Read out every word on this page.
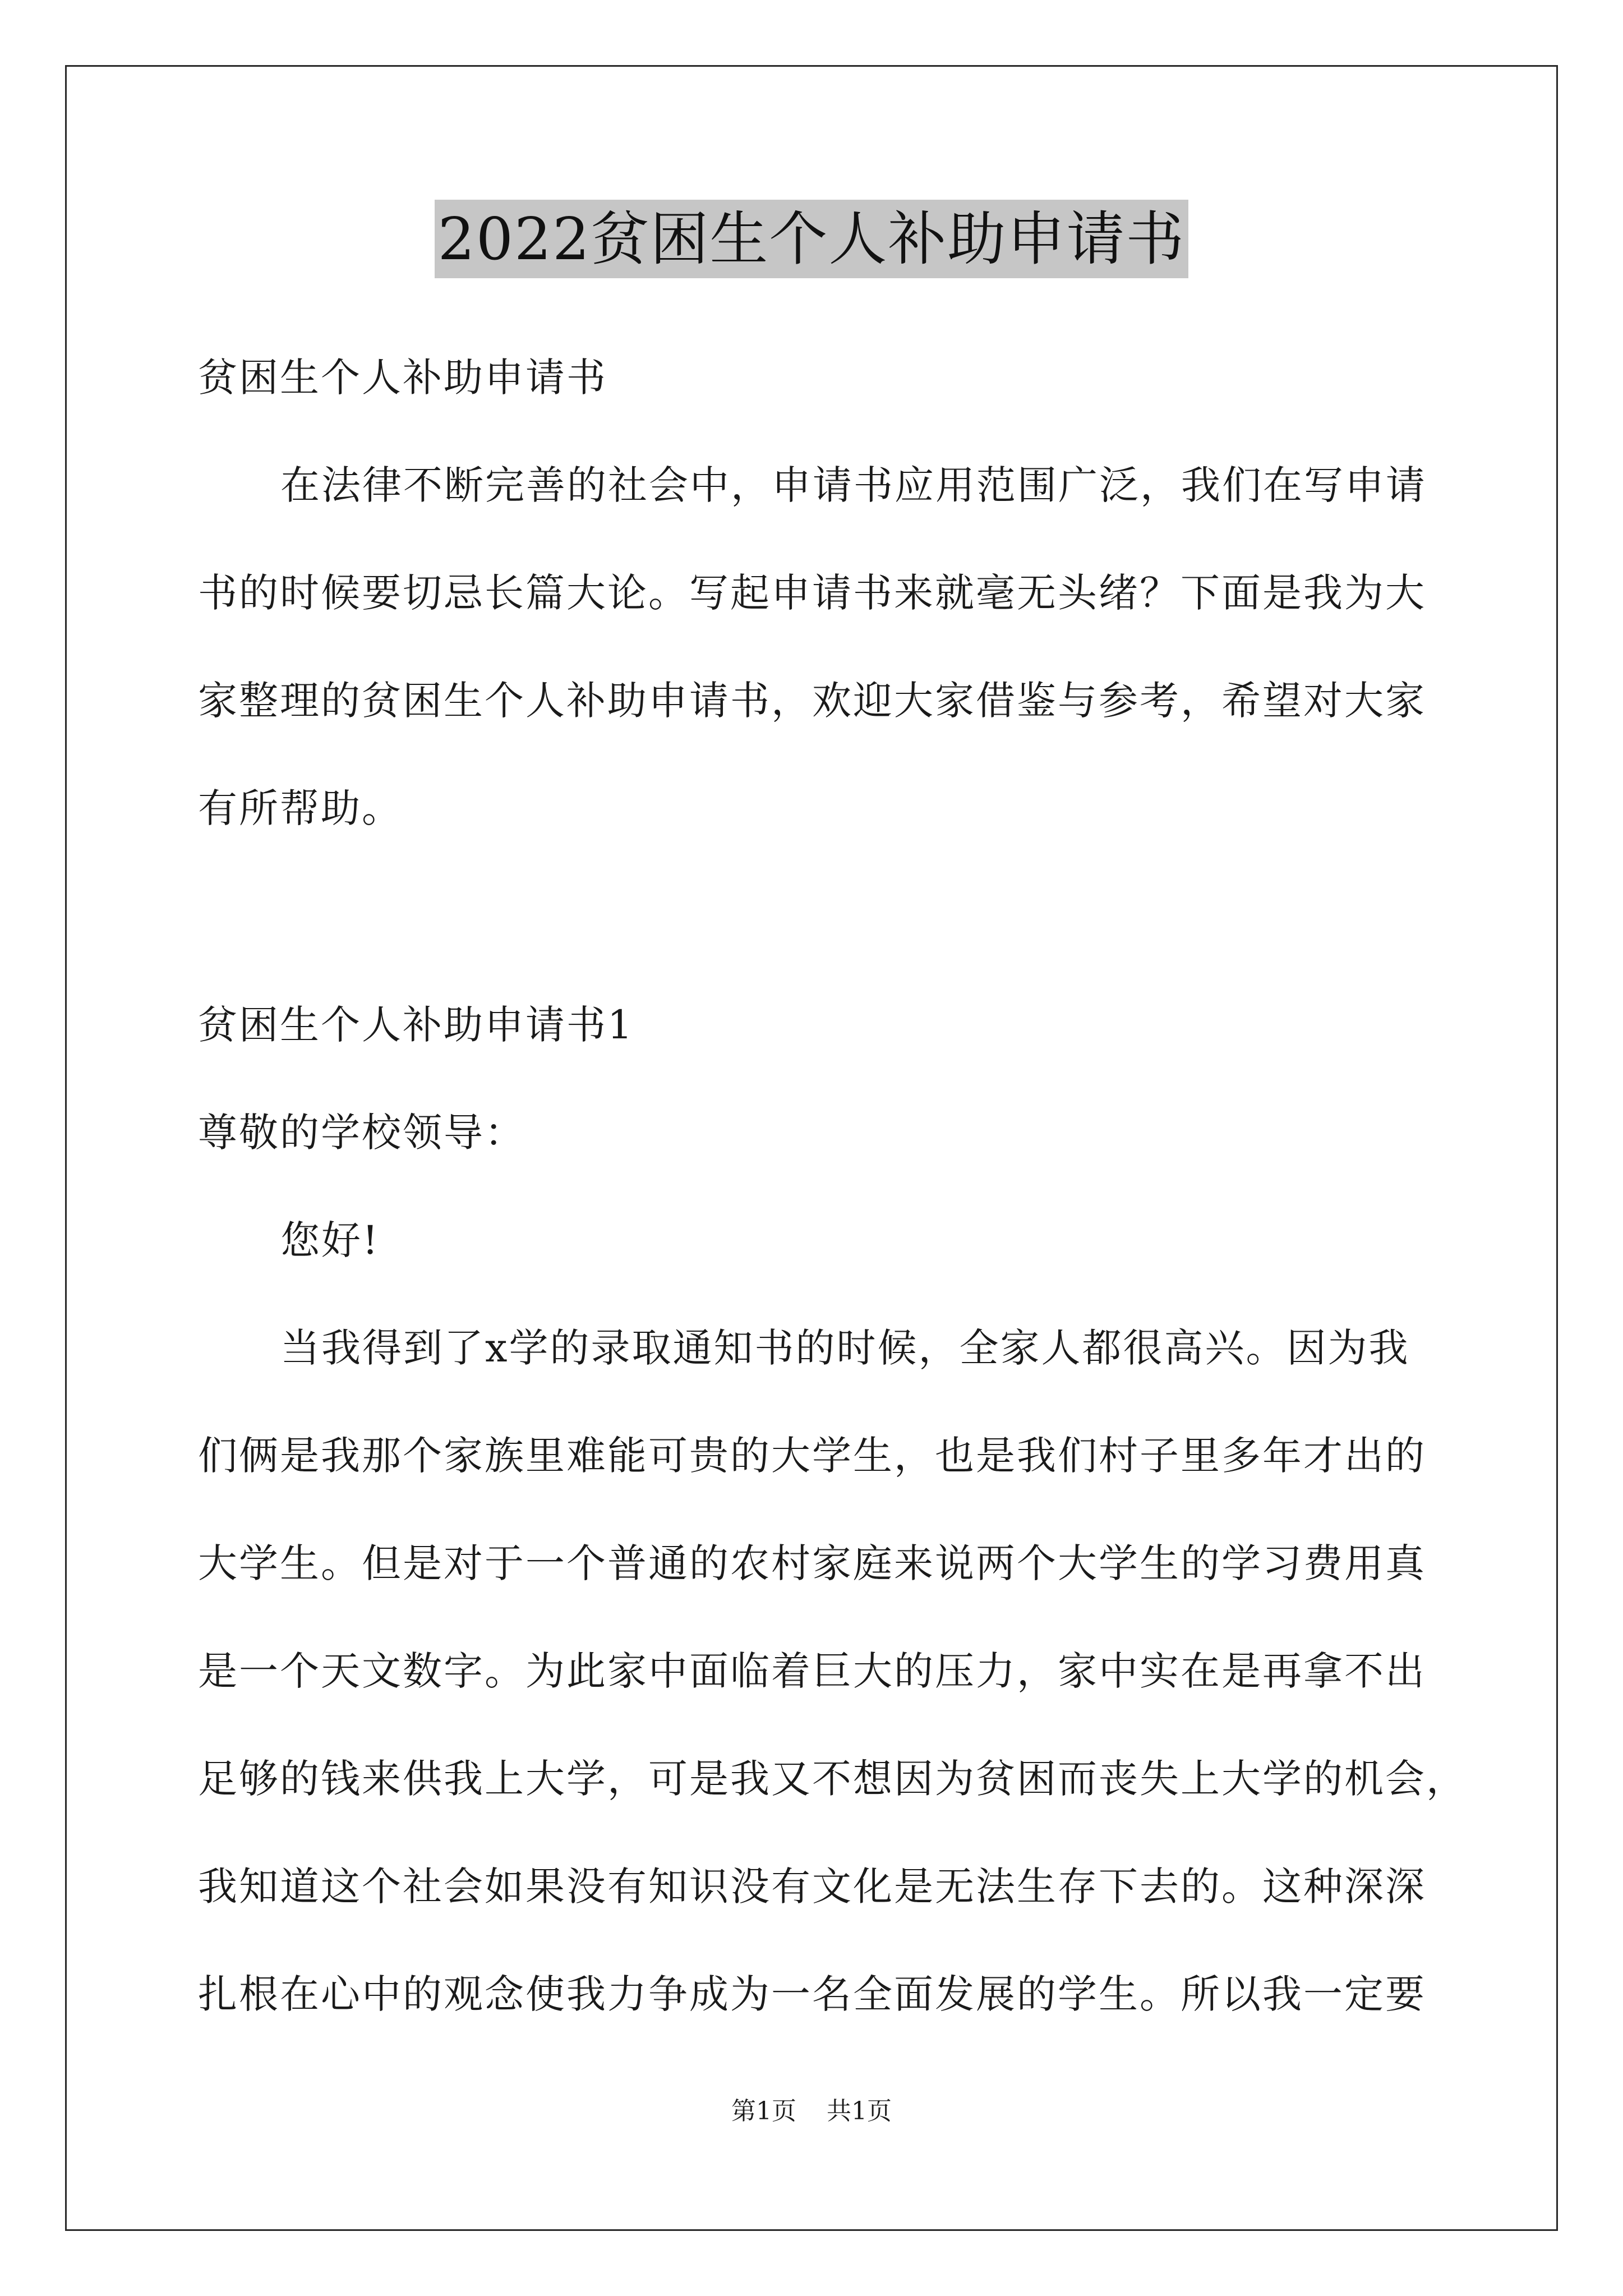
2022贫困生个人补助申请书
贫困生个人补助申请书
在法律不断完善的社会中，申请书应用范围广泛，我们在写申请
书的时候要切忌长篇大论。写起申请书来就毫无头绪？下面是我为大
家整理的贫困生个人补助申请书，欢迎大家借鉴与参考，希望对大家
有所帮助。
贫困生个人补助申请书1
尊敬的学校领导：
您好!
当我得到了x学的录取通知书的时候，全家人都很高兴。因为我
们俩是我那个家族里难能可贵的大学生，也是我们村子里多年才出的
大学生。但是对于一个普通的农村家庭来说两个大学生的学习费用真
是一个天文数字。为此家中面临着巨大的压力，家中实在是再拿不出
足够的钱来供我上大学，可是我又不想因为贫困而丧失上大学的机会，
我知道这个社会如果没有知识没有文化是无法生存下去的。这种深深
扎根在心中的观念使我力争成为一名全面发展的学生。所以我一定要
第1页 共1页
